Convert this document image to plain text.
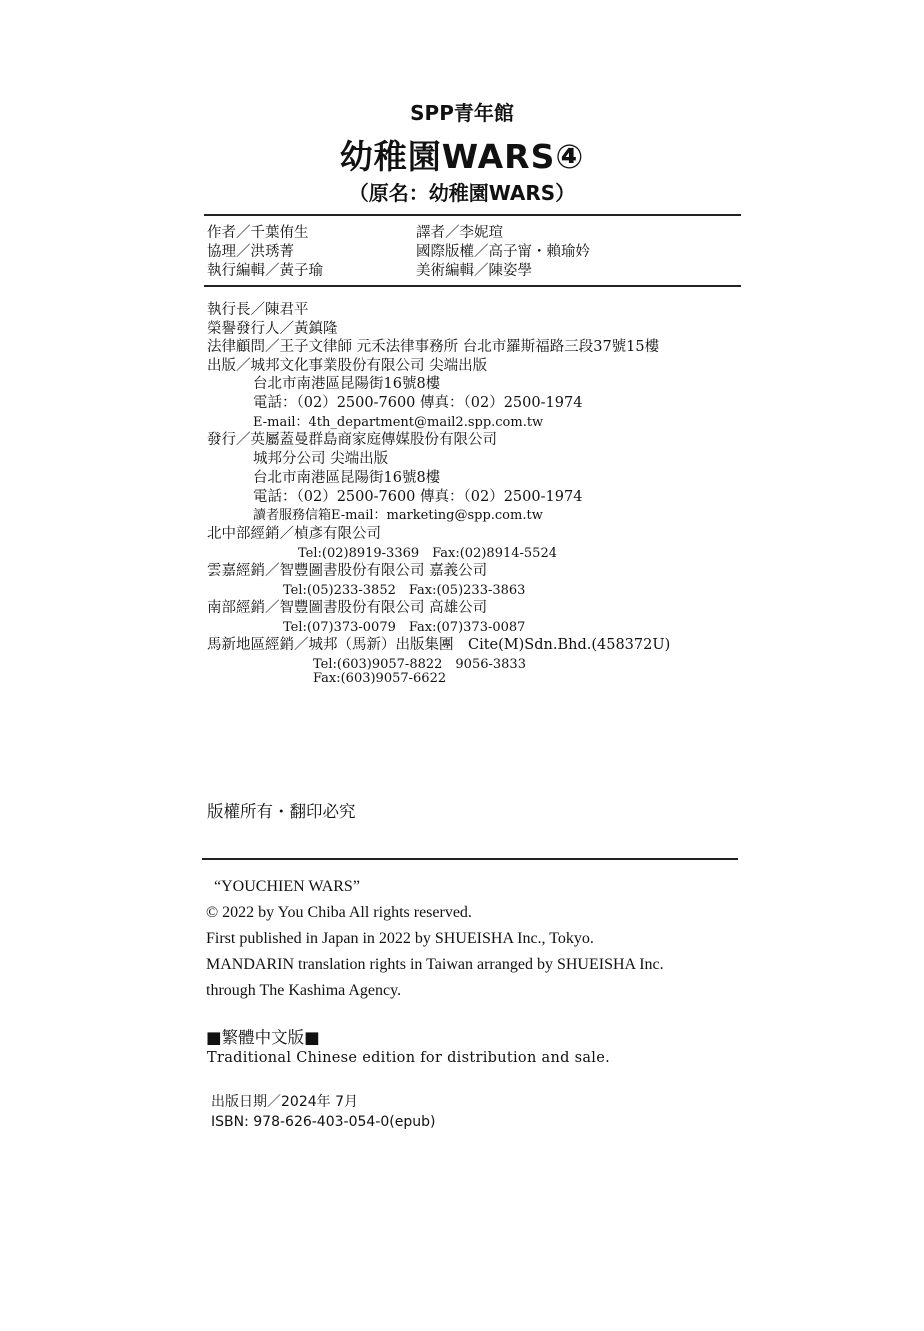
SPP青年館
幼稚園WARS④
（原名：幼稚園WARS）
作者／千葉侑生
協理／洪琇菁
執行編輯／黃子瑜
譯者／李妮瑄
國際版權／高子甯・賴瑜妗
美術編輯／陳姿學
執行長／陳君平
榮譽發行人／黃鎮隆
法律顧問／王子文律師 元禾法律事務所 台北市羅斯福路三段37號15樓
出版／城邦文化事業股份有限公司 尖端出版
台北市南港區昆陽街16號8樓
電話：（02）2500-7600 傳真：（02）2500-1974
E-mail：4th_department@mail2.spp.com.tw
發行／英屬蓋曼群島商家庭傳媒股份有限公司
城邦分公司 尖端出版
台北市南港區昆陽街16號8樓
電話：（02）2500-7600 傳真：（02）2500-1974
讀者服務信箱E-mail：marketing@spp.com.tw
北中部經銷／楨彥有限公司
Tel:(02)8919-3369　Fax:(02)8914-5524
雲嘉經銷／智豐圖書股份有限公司 嘉義公司
Tel:(05)233-3852　Fax:(05)233-3863
南部經銷／智豐圖書股份有限公司 高雄公司
Tel:(07)373-0079　Fax:(07)373-0087
馬新地區經銷／城邦（馬新）出版集團　Cite(M)Sdn.Bhd.(458372U)
Tel:(603)9057-8822　9056-3833
Fax:(603)9057-6622
版權所有・翻印必究
“YOUCHIEN WARS”
© 2022 by You Chiba All rights reserved.
First published in Japan in 2022 by SHUEISHA Inc., Tokyo.
MANDARIN translation rights in Taiwan arranged by SHUEISHA Inc.
through The Kashima Agency.
■繁體中文版■
Traditional Chinese edition for distribution and sale.
出版日期／2024年 7月
ISBN: 978-626-403-054-0(epub)
